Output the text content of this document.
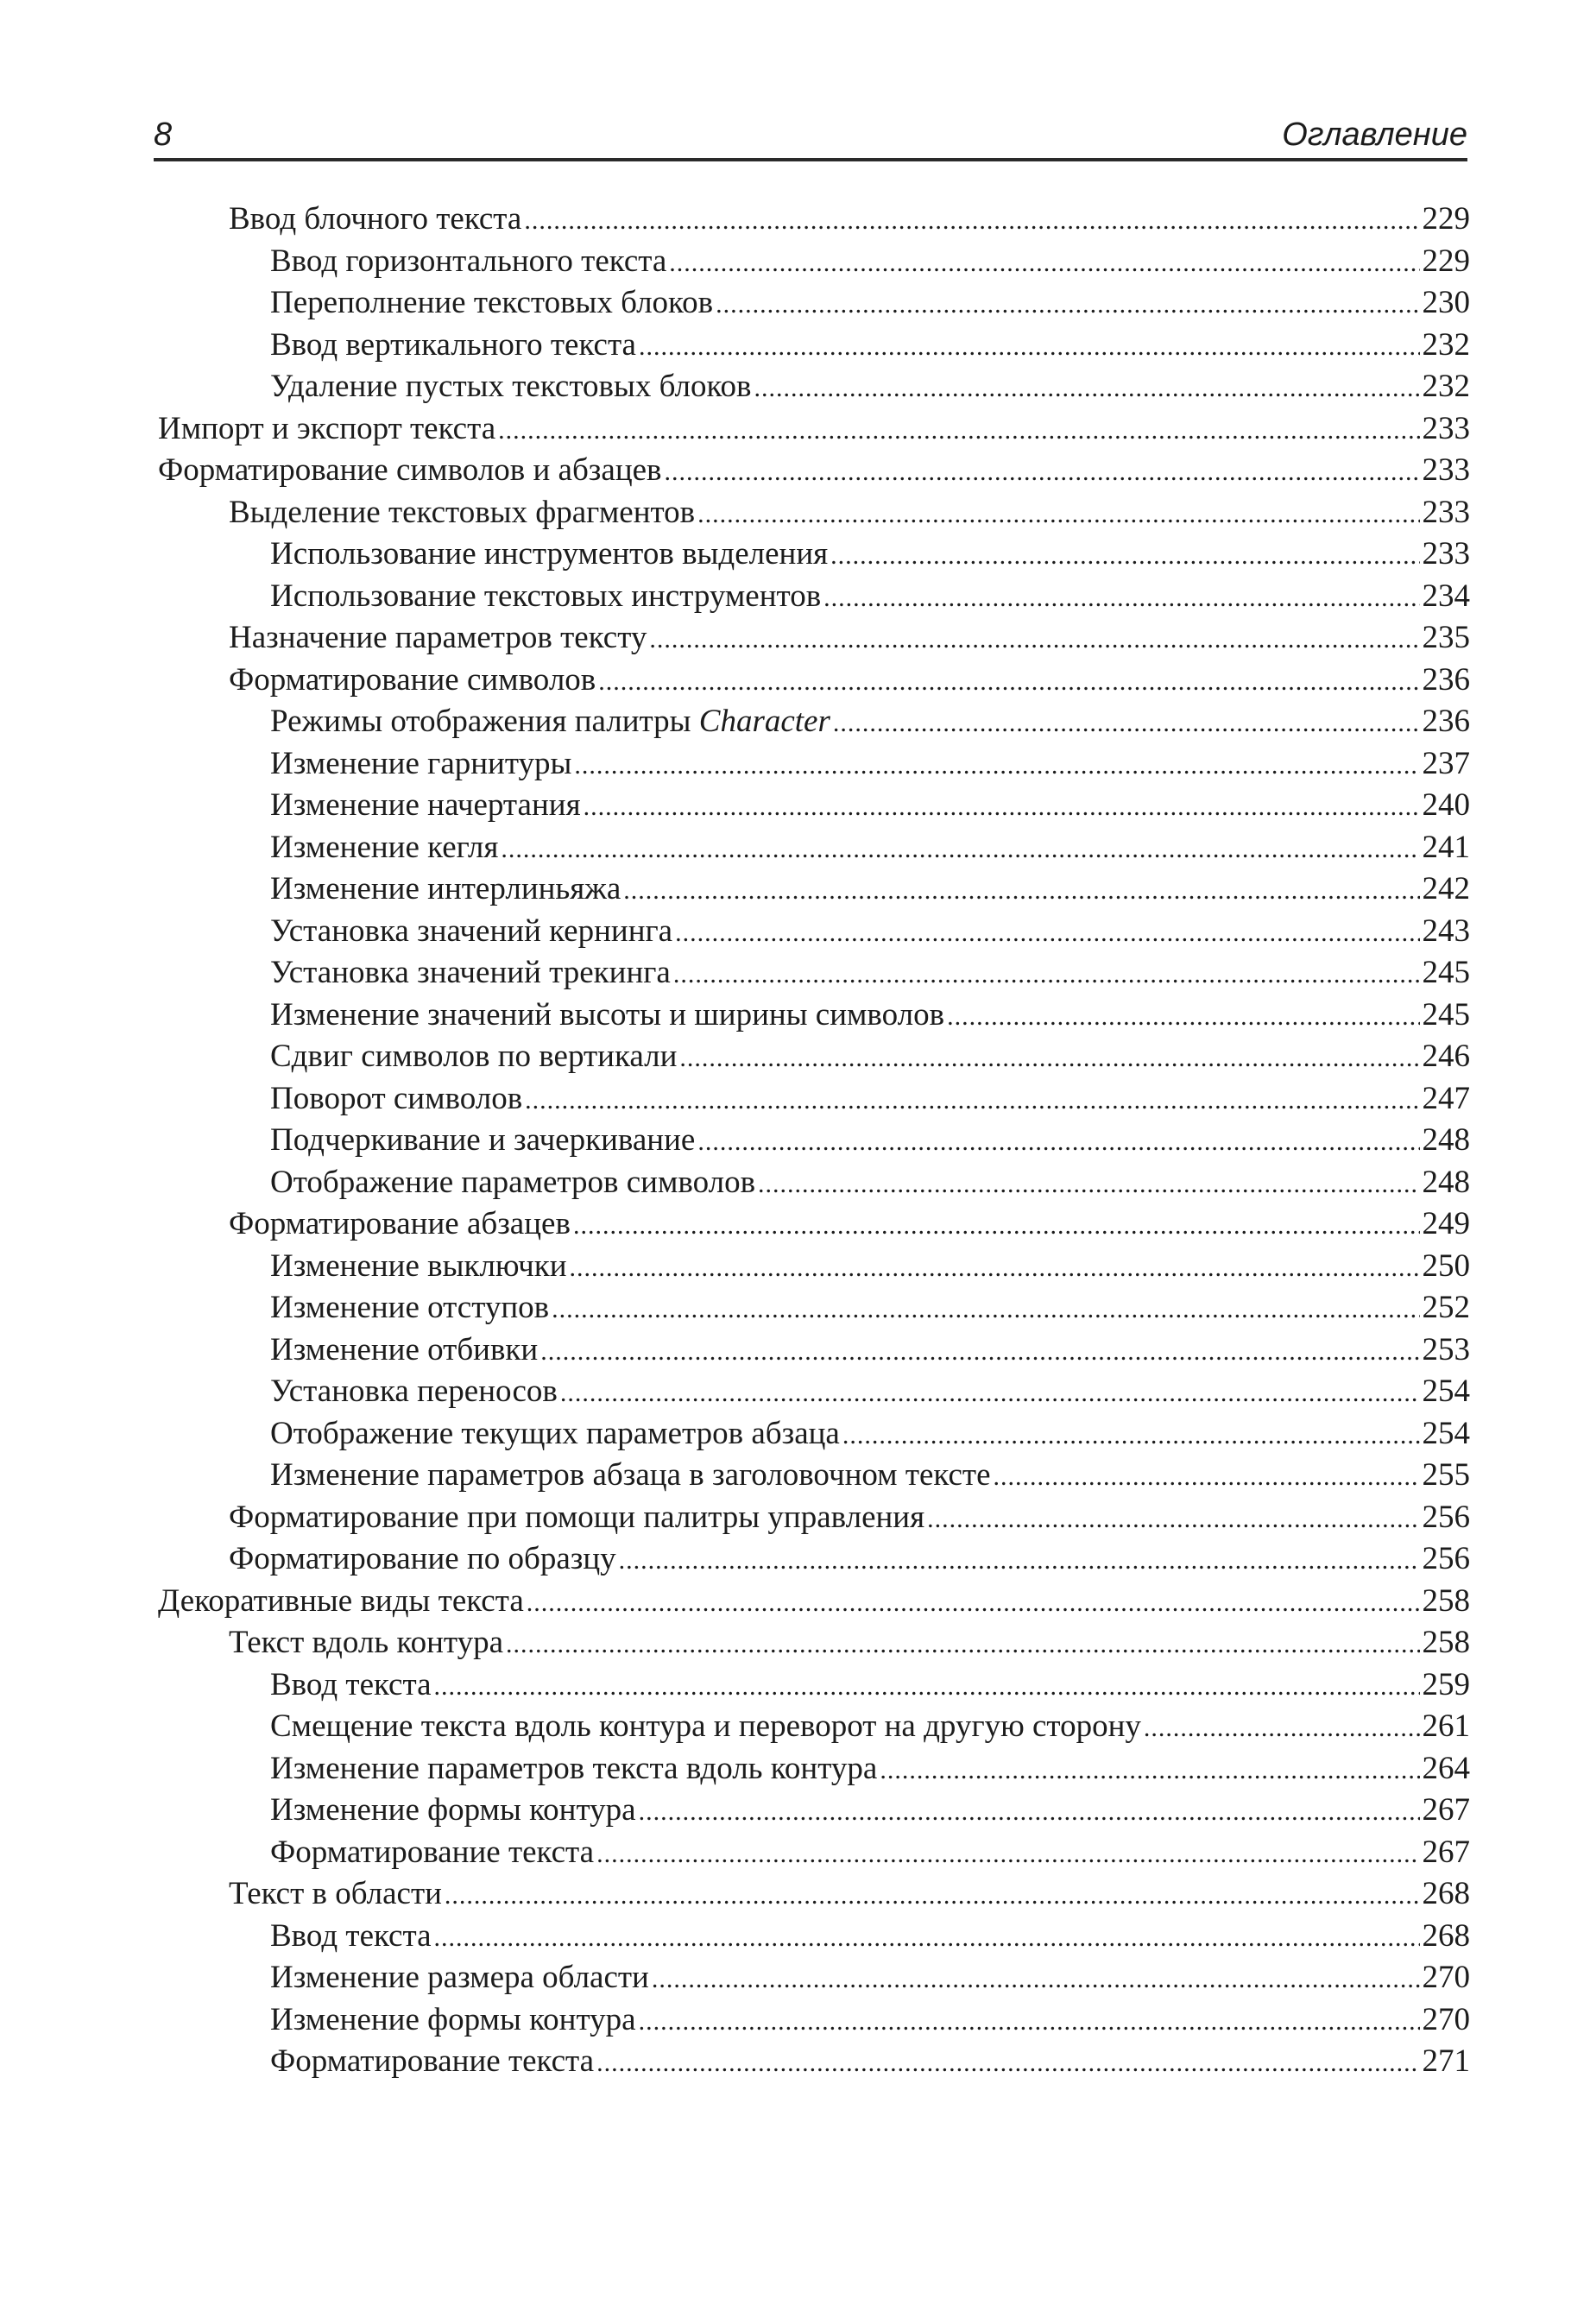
8	Оглавление
Ввод блочного текста .....	229
Ввод горизонтального текста .....	229
Переполнение текстовых блоков .....	230
Ввод вертикального текста .....	232
Удаление пустых текстовых блоков .....	232
Импорт и экспорт текста .....	233
Форматирование символов и абзацев .....	233
Выделение текстовых фрагментов .....	233
Использование инструментов выделения .....	233
Использование текстовых инструментов .....	234
Назначение параметров тексту .....	235
Форматирование символов .....	236
Режимы отображения палитры Character .....	236
Изменение гарнитуры .....	237
Изменение начертания .....	240
Изменение кегля .....	241
Изменение интерлиньяжа .....	242
Установка значений кернинга .....	243
Установка значений трекинга .....	245
Изменение значений высоты и ширины символов .....	245
Сдвиг символов по вертикали .....	246
Поворот символов .....	247
Подчеркивание и зачеркивание .....	248
Отображение параметров символов .....	248
Форматирование абзацев .....	249
Изменение выключки .....	250
Изменение отступов .....	252
Изменение отбивки .....	253
Установка переносов .....	254
Отображение текущих параметров абзаца .....	254
Изменение параметров абзаца в заголовочном тексте .....	255
Форматирование при помощи палитры управления .....	256
Форматирование по образцу .....	256
Декоративные виды текста .....	258
Текст вдоль контура .....	258
Ввод текста .....	259
Смещение текста вдоль контура и переворот на другую сторону .....	261
Изменение параметров текста вдоль контура .....	264
Изменение формы контура .....	267
Форматирование текста .....	267
Текст в области .....	268
Ввод текста .....	268
Изменение размера области .....	270
Изменение формы контура .....	270
Форматирование текста .....	271
